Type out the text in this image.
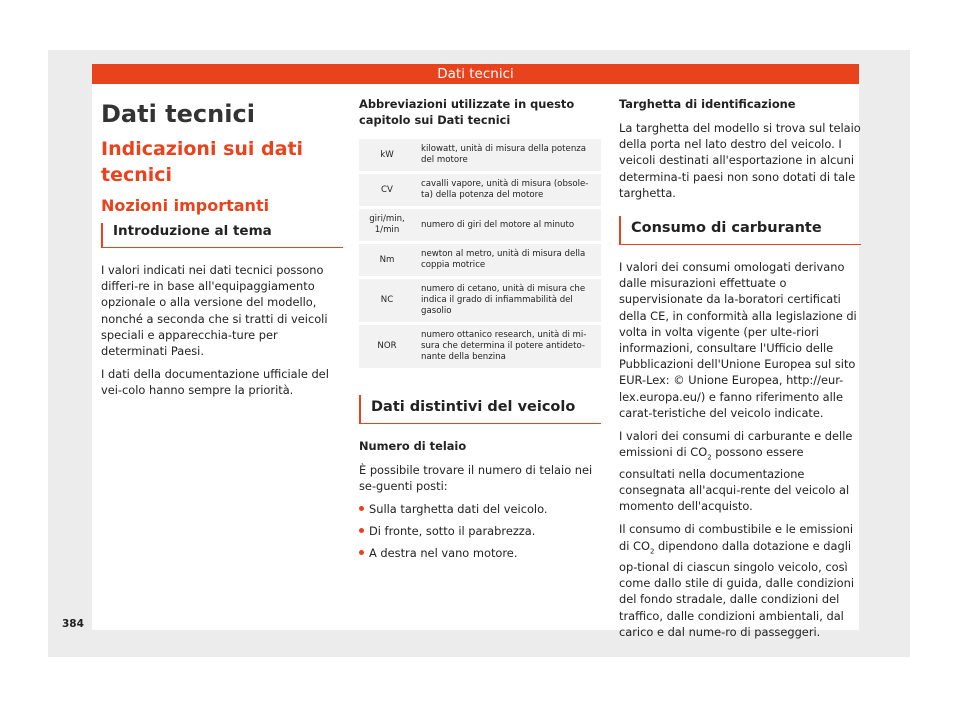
Dati tecnici
Dati tecnici
Indicazioni sui dati tecnici
Nozioni importanti
Introduzione al tema

I valori indicati nei dati tecnici possono differi-re in base all'equipaggiamento opzionale o alla versione del modello, nonché a seconda che si tratti di veicoli speciali e apparecchia-ture per determinati Paesi.

I dati della documentazione ufficiale del vei-colo hanno sempre la priorità.

Abbreviazioni utilizzate in questo capitolo sui Dati tecnici
kW	kilowatt, unità di misura della potenza del motore
CV	cavalli vapore, unità di misura (obsole-ta) della potenza del motore
giri/min, 1/min	numero di giri del motore al minuto
Nm	newton al metro, unità di misura della coppia motrice
NC	numero di cetano, unità di misura che indica il grado di infiammabilità del gasolio
NOR	numero ottanico research, unità di mi-sura che determina il potere antideto-nante della benzina
Dati distintivi del veicolo
Numero di telaio

È possibile trovare il numero di telaio nei se-guenti posti:

Sulla targhetta dati del veicolo.
Di fronte, sotto il parabrezza.
A destra nel vano motore.
Targhetta di identificazione

La targhetta del modello si trova sul telaio della porta nel lato destro del veicolo. I veicoli destinati all'esportazione in alcuni determina-ti paesi non sono dotati di tale targhetta.

Consumo di carburante

I valori dei consumi omologati derivano dalle misurazioni effettuate o supervisionate da la-boratori certificati della CE, in conformità alla legislazione di volta in volta vigente (per ulte-riori informazioni, consultare l'Ufficio delle Pubblicazioni dell'Unione Europea sul sito EUR-Lex: © Unione Europea, http://eur-lex.europa.eu/) e fanno riferimento alle carat-teristiche del veicolo indicate.

I valori dei consumi di carburante e delle emissioni di $CO_2$ possono essere consultati nella documentazione consegnata all'acqui-rente del veicolo al momento dell'acquisto.

Il consumo di combustibile e le emissioni di $CO_2$ dipendono dalla dotazione e dagli op-tional di ciascun singolo veicolo, così come dallo stile di guida, dalle condizioni del fondo stradale, dalle condizioni del traffico, dalle condizioni ambientali, dal carico e dal nume-ro di passeggeri.

384
